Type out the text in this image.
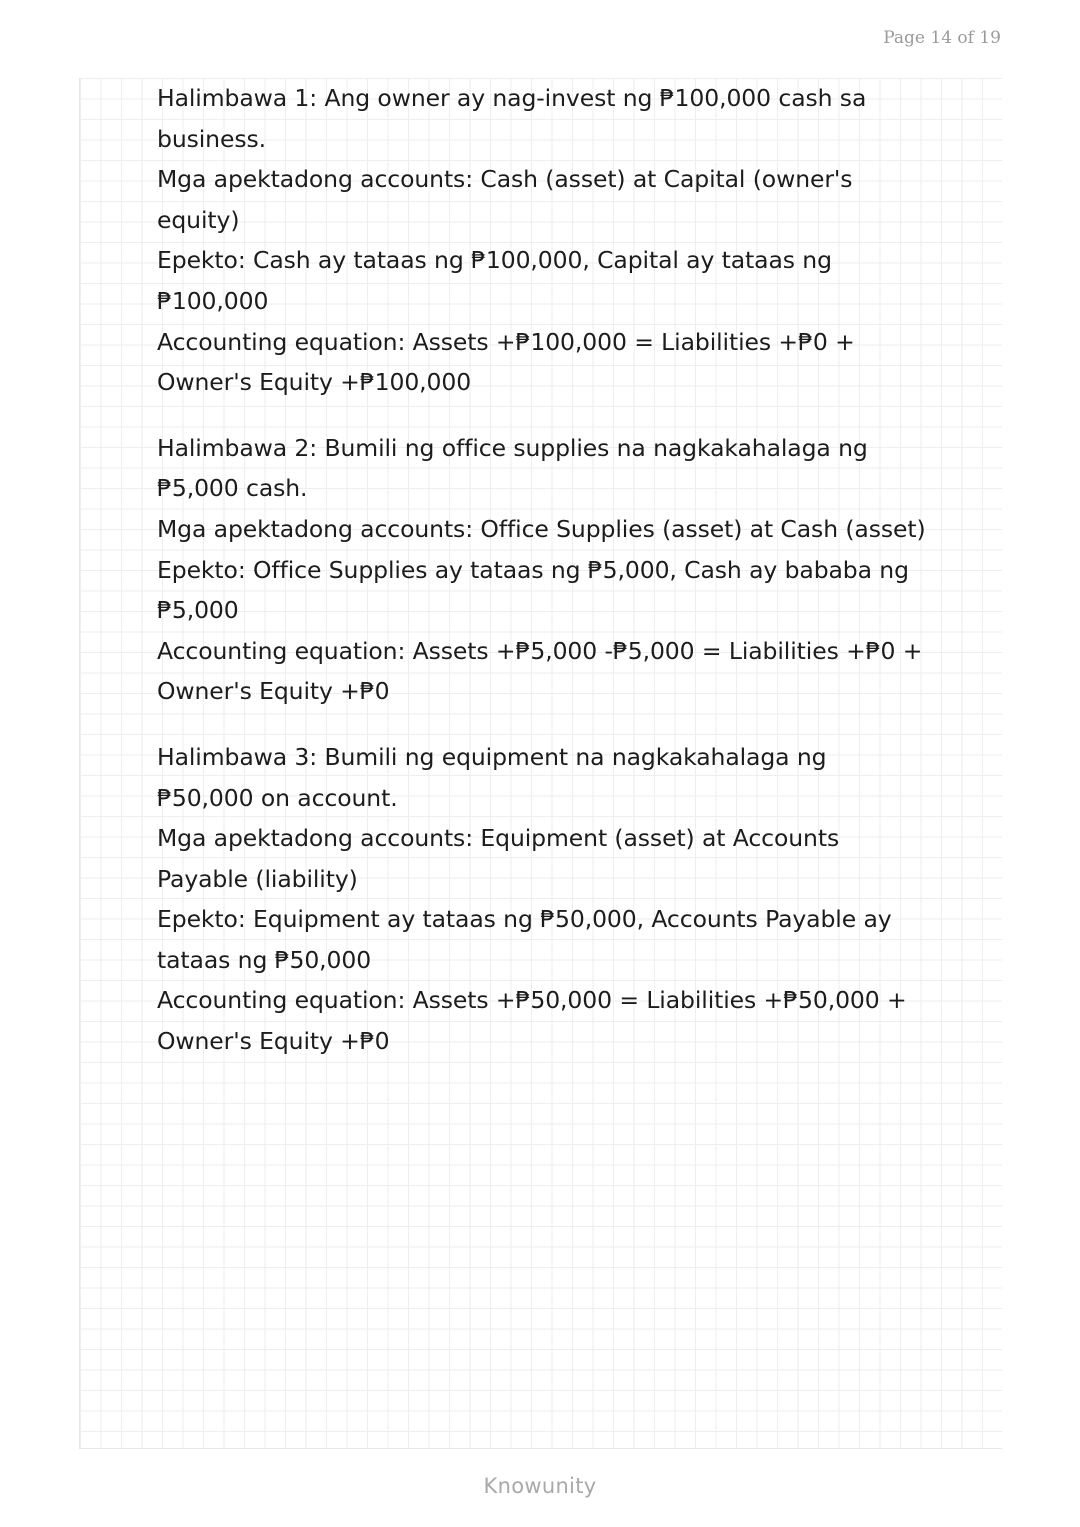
Page 14 of 19
Halimbawa 1: Ang owner ay nag-invest ng ₱100,000 cash sa business.
Mga apektadong accounts: Cash (asset) at Capital (owner's equity)
Epekto: Cash ay tataas ng ₱100,000, Capital ay tataas ng ₱100,000
Accounting equation: Assets +₱100,000 = Liabilities +₱0 + Owner's Equity +₱100,000
Halimbawa 2: Bumili ng office supplies na nagkakahalaga ng ₱5,000 cash.
Mga apektadong accounts: Office Supplies (asset) at Cash (asset)
Epekto: Office Supplies ay tataas ng ₱5,000, Cash ay bababa ng ₱5,000
Accounting equation: Assets +₱5,000 -₱5,000 = Liabilities +₱0 + Owner's Equity +₱0
Halimbawa 3: Bumili ng equipment na nagkakahalaga ng ₱50,000 on account.
Mga apektadong accounts: Equipment (asset) at Accounts Payable (liability)
Epekto: Equipment ay tataas ng ₱50,000, Accounts Payable ay tataas ng ₱50,000
Accounting equation: Assets +₱50,000 = Liabilities +₱50,000 + Owner's Equity +₱0
Knowunity
